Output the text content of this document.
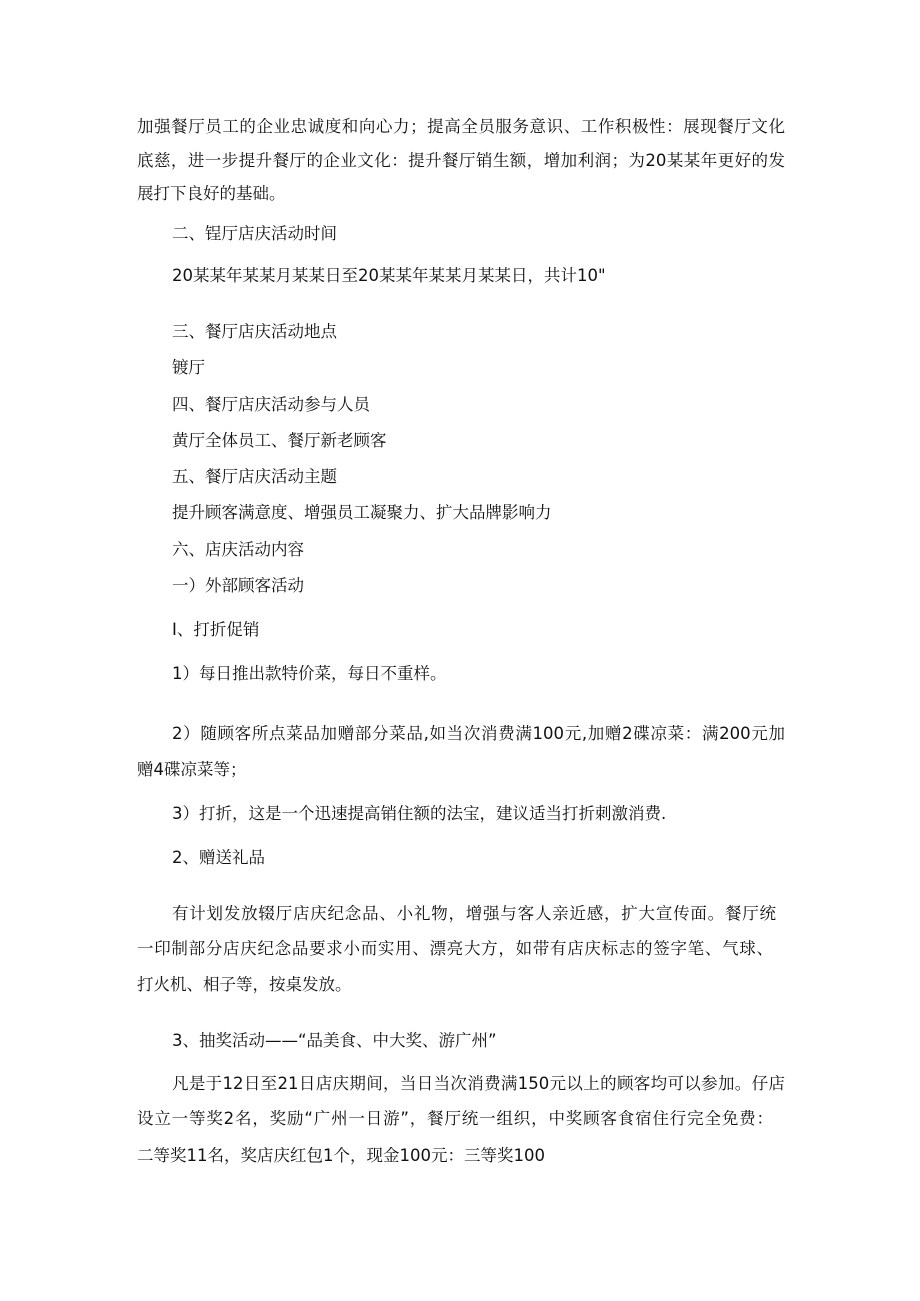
加强餐厅员工的企业忠诚度和向心力；提高全员服务意识、工作积极性：展现餐厅文化
底慈，进一步提升餐厅的企业文化：提升餐厅销生额，增加利润；为20某某年更好的发
展打下良好的基础。
二、锃厅店庆活动时间
20某某年某某月某某日至20某某年某某月某某日，共计10"
三、餐厅店庆活动地点
镀厅
四、餐厅店庆活动参与人员
黄厅全体员工、餐厅新老顾客
五、餐厅店庆活动主题
提升顾客满意度、增强员工凝聚力、扩大品牌影响力
六、店庆活动内容
一）外部顾客活动
I、打折促销
1）每日推出款特价菜，每日不重样。
2）随顾客所点菜品加赠部分菜品,如当次消费满100元,加赠2碟凉菜：满200元加
赠4碟凉菜等；
3）打折，这是一个迅速提高销住额的法宝，建议适当打折刺激消费.
2、赠送礼品
有计划发放辍厅店庆纪念品、小礼物，增强与客人亲近感，扩大宣传面。餐厅统
一印制部分店庆纪念品要求小而实用、漂亮大方，如带有店庆标志的签字笔、气球、
打火机、相子等，按桌发放。
3、抽奖活动——“品美食、中大奖、游广州”
凡是于12日至21日店庆期间，当日当次消费满150元以上的顾客均可以参加。仔店
设立一等奖2名，奖励“广州一日游”，餐厅统一组织，中奖顾客食宿住行完全免费：
二等奖11名，奖店庆红包1个，现金100元：三等奖100
